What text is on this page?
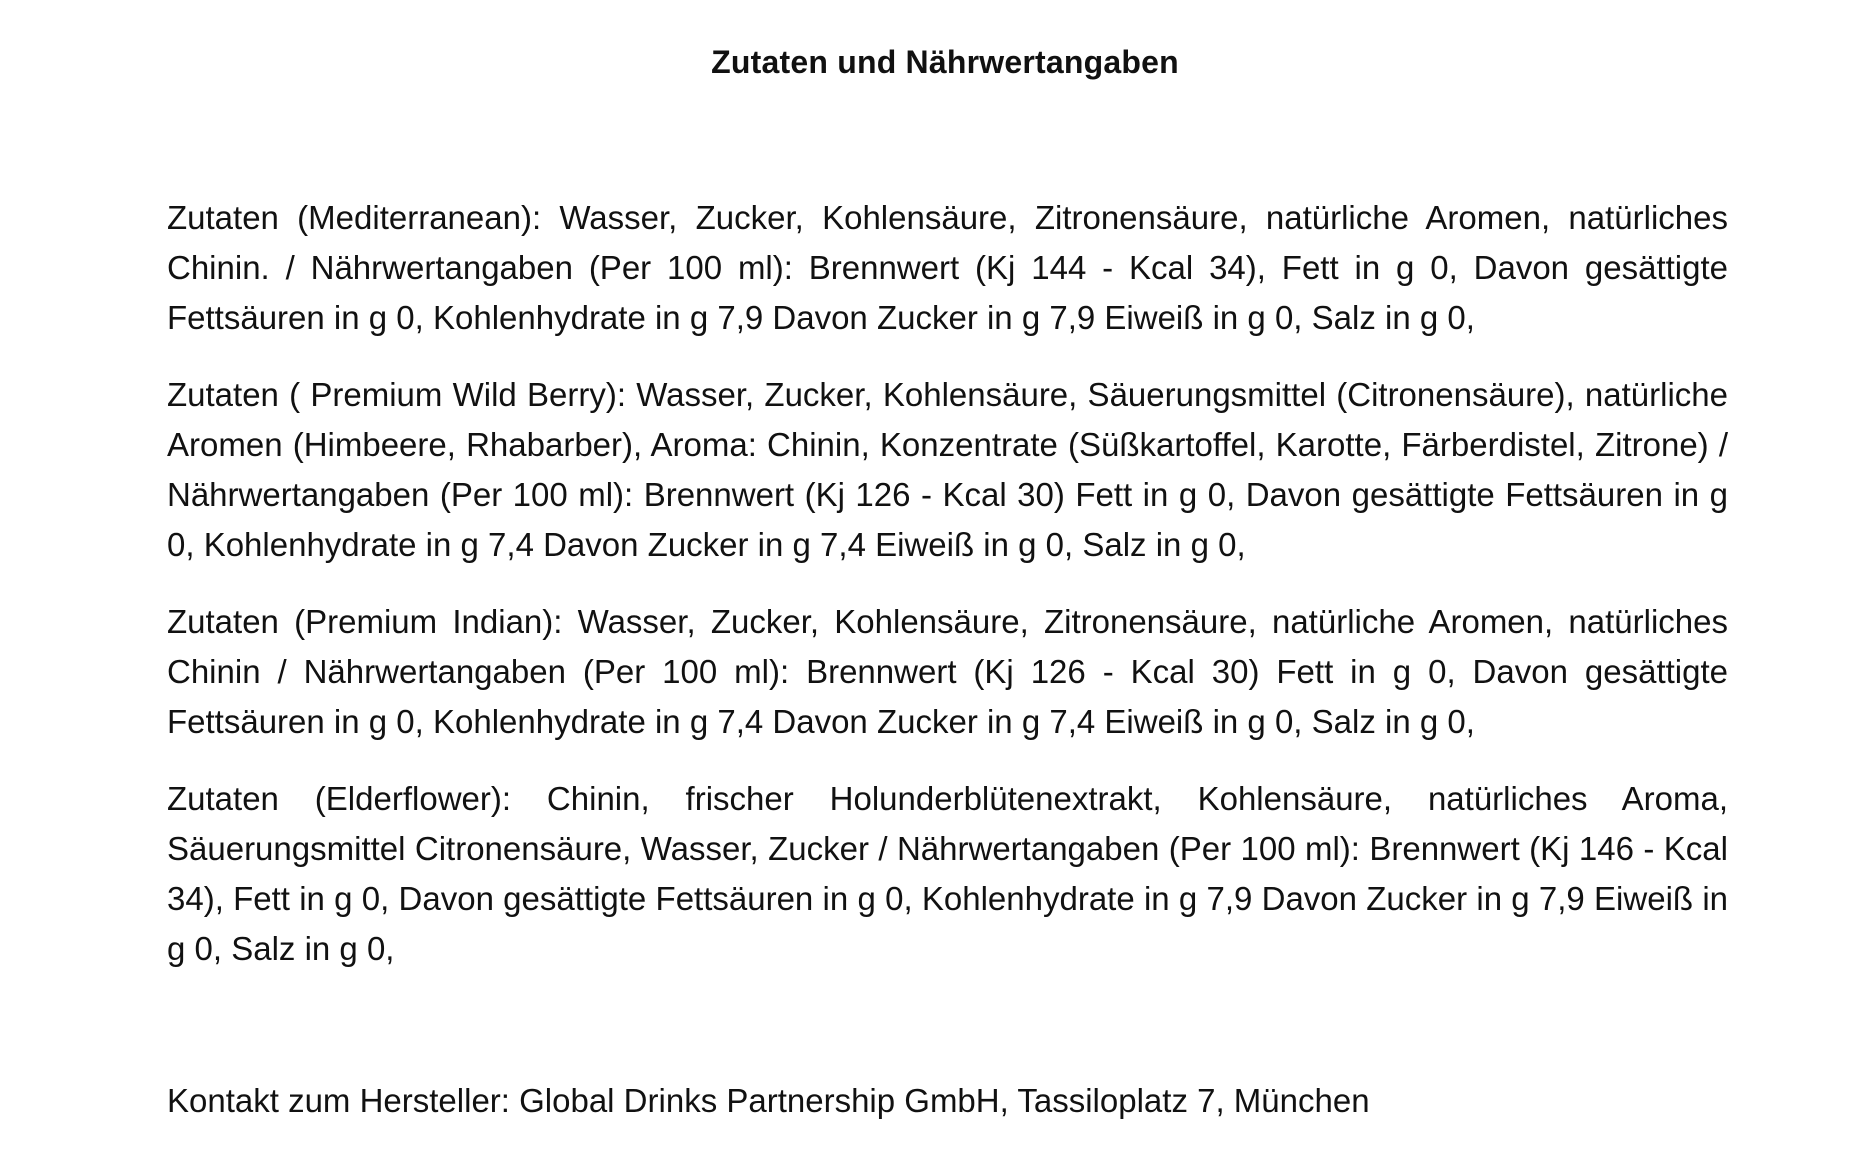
Zutaten und Nährwertangaben

Zutaten (Mediterranean): Wasser, Zucker, Kohlensäure, Zitronensäure, natürliche Aromen, natürliches Chinin. / Nährwertangaben (Per 100 ml): Brennwert (Kj 144 - Kcal 34), Fett in g 0, Davon gesättigte Fettsäuren in g 0, Kohlenhydrate in g 7,9 Davon Zucker in g 7,9 Eiweiß in g 0, Salz in g 0,

Zutaten ( Premium Wild Berry): Wasser, Zucker, Kohlensäure, Säuerungsmittel (Citronensäure), natürliche Aromen (Himbeere, Rhabarber), Aroma: Chinin, Konzentrate (Süßkartoffel, Karotte, Färberdistel, Zitrone) / Nährwertangaben (Per 100 ml): Brennwert (Kj 126 - Kcal 30) Fett in g 0, Davon gesättigte Fettsäuren in g 0, Kohlenhydrate in g 7,4 Davon Zucker in g 7,4 Eiweiß in g 0, Salz in g 0,

Zutaten (Premium Indian): Wasser, Zucker, Kohlensäure, Zitronensäure, natürliche Aromen, natürliches Chinin / Nährwertangaben (Per 100 ml): Brennwert (Kj 126 - Kcal 30) Fett in g 0, Davon gesättigte Fettsäuren in g 0, Kohlenhydrate in g 7,4 Davon Zucker in g 7,4 Eiweiß in g 0, Salz in g 0,

Zutaten (Elderflower): Chinin, frischer Holunderblütenextrakt, Kohlensäure, natürliches Aroma, Säuerungsmittel Citronensäure, Wasser, Zucker / Nährwertangaben (Per 100 ml): Brennwert (Kj 146 - Kcal 34), Fett in g 0, Davon gesättigte Fettsäuren in g 0, Kohlenhydrate in g 7,9 Davon Zucker in g 7,9 Eiweiß in g 0, Salz in g 0,

Kontakt zum Hersteller: Global Drinks Partnership GmbH, Tassiloplatz 7, München
